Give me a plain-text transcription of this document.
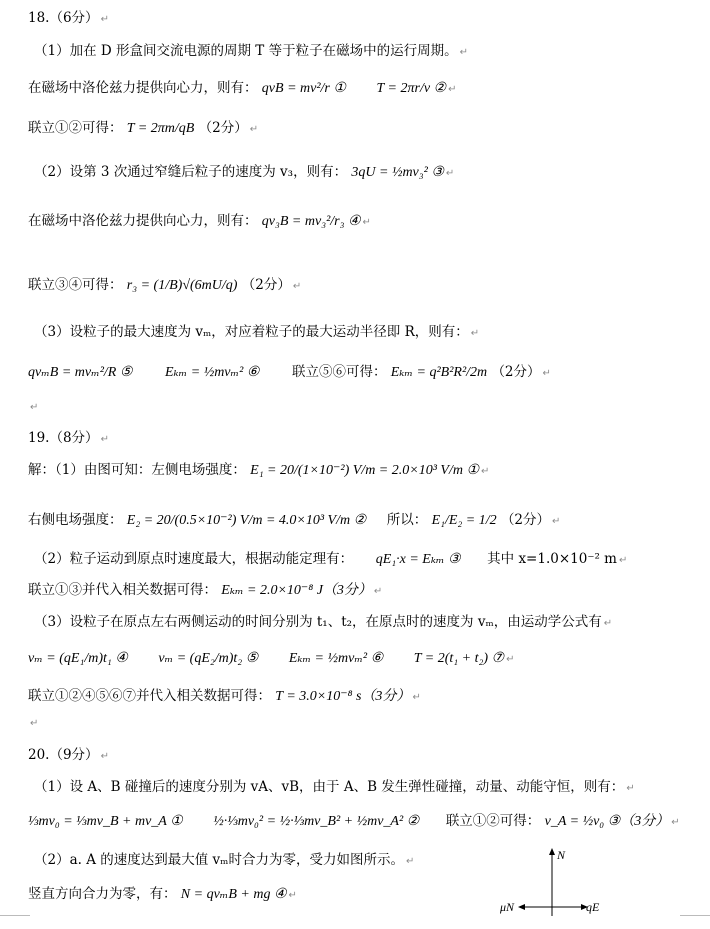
18.（6分） ↵
（1）加在 D 形盒间交流电源的周期 T 等于粒子在磁场中的运行周期。 ↵
在磁场中洛伦兹力提供向心力，则有： qvB = mv²/r ① T = 2πr/v ② ↵
联立①②可得： T = 2πm/qB （2分） ↵
（2）设第 3 次通过窄缝后粒子的速度为 v₃，则有： 3qU = ½mv₃² ③ ↵
在磁场中洛伦兹力提供向心力，则有： qv₃B = mv₃²/r₃ ④ ↵
联立③④可得： r₃ = (1/B)√(6mU/q) （2分） ↵
（3）设粒子的最大速度为 vₘ，对应着粒子的最大运动半径即 R，则有： ↵
qvₘB = mvₘ²/R ⑤ Eₖₘ = ½mvₘ² ⑥ 联立⑤⑥可得： Eₖₘ = q²B²R²/2m （2分） ↵
↵
19.（8分） ↵
解：（1）由图可知：左侧电场强度： E₁ = 20/(1×10⁻²) V/m = 2.0×10³ V/m ① ↵
右侧电场强度： E₂ = 20/(0.5×10⁻²) V/m = 4.0×10³ V/m ② 所以： E₁/E₂ = 1/2 （2分） ↵
（2）粒子运动到原点时速度最大，根据动能定理有： qE₁·x = Eₖₘ ③ 其中 x=1.0×10⁻² m ↵
联立①③并代入相关数据可得： Eₖₘ = 2.0×10⁻⁸ J（3分） ↵
（3）设粒子在原点左右两侧运动的时间分别为 t₁、t₂，在原点时的速度为 vₘ，由运动学公式有 ↵
vₘ = (qE₁/m)t₁ ④ vₘ = (qE₂/m)t₂ ⑤ Eₖₘ = ½mvₘ² ⑥ T = 2(t₁ + t₂) ⑦ ↵
联立①②④⑤⑥⑦并代入相关数据可得： T = 3.0×10⁻⁸ s（3分） ↵
↵
20.（9分） ↵
（1）设 A、B 碰撞后的速度分别为 vA、vB，由于 A、B 发生弹性碰撞，动量、动能守恒，则有： ↵
⅓mv₀ = ⅓mv_B + mv_A ① ½·⅓mv₀² = ½·⅓mv_B² + ½mv_A² ② 联立①②可得： v_A = ½v₀ ③（3分） ↵
（2）a. A 的速度达到最大值 vₘ时合力为零，受力如图所示。 ↵
竖直方向合力为零，有： N = qvₘB + mg ④ ↵
N
μN	qE
